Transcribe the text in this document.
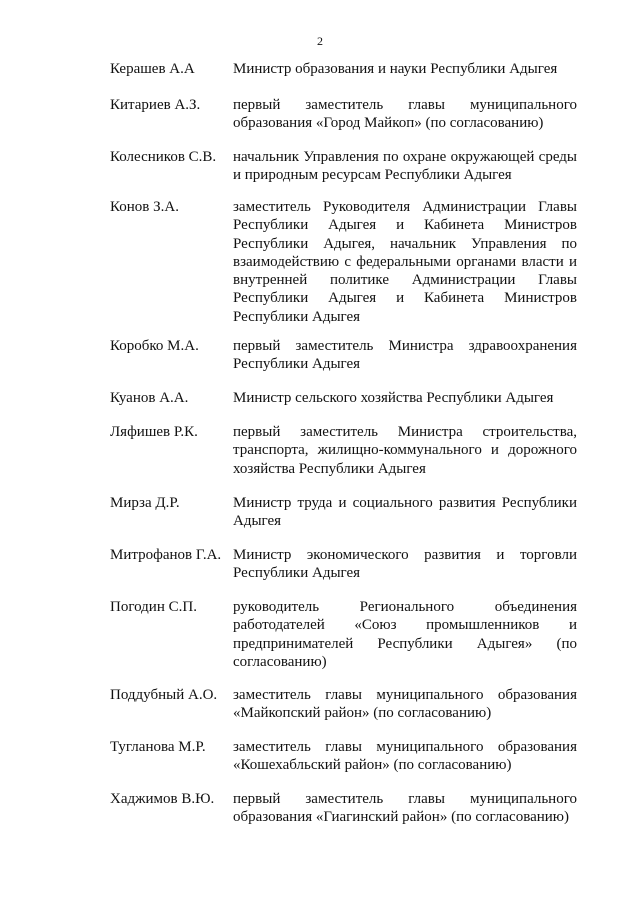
2
Керашев А.А	Министр образования и науки Республики Адыгея
Китариев А.З. первый заместитель главы муниципального образования «Город Майкоп» (по согласованию)
Колесников С.В. начальник Управления по охране окружающей среды и природным ресурсам Республики Адыгея
Конов З.А.	заместитель Руководителя Администрации Главы Республики Адыгея и Кабинета Министров Республики Адыгея, начальник Управления по взаимодействию с федеральными органами власти и внутренней политике Администрации Главы Республики Адыгея и Кабинета Министров Республики Адыгея
Коробко М.А. первый заместитель Министра здравоохранения Республики Адыгея
Куанов А.А.	Министр сельского хозяйства Республики Адыгея
Ляфишев Р.К. первый заместитель Министра строительства, транспорта, жилищно-коммунального и дорожного хозяйства Республики Адыгея
Мирза Д.Р.	Министр труда и социального развития Республики Адыгея
Митрофанов Г.А. Министр экономического развития и торговли Республики Адыгея
Погодин С.П. руководитель Регионального объединения работодателей «Союз промышленников и предпринимателей Республики Адыгея» (по согласованию)
Поддубный А.О. заместитель главы муниципального образования «Майкопский район» (по согласованию)
Тугланова М.Р. заместитель главы муниципального образования «Кошехабльский район» (по согласованию)
Хаджимов В.Ю. первый заместитель главы муниципального образования «Гиагинский район» (по согласованию)
